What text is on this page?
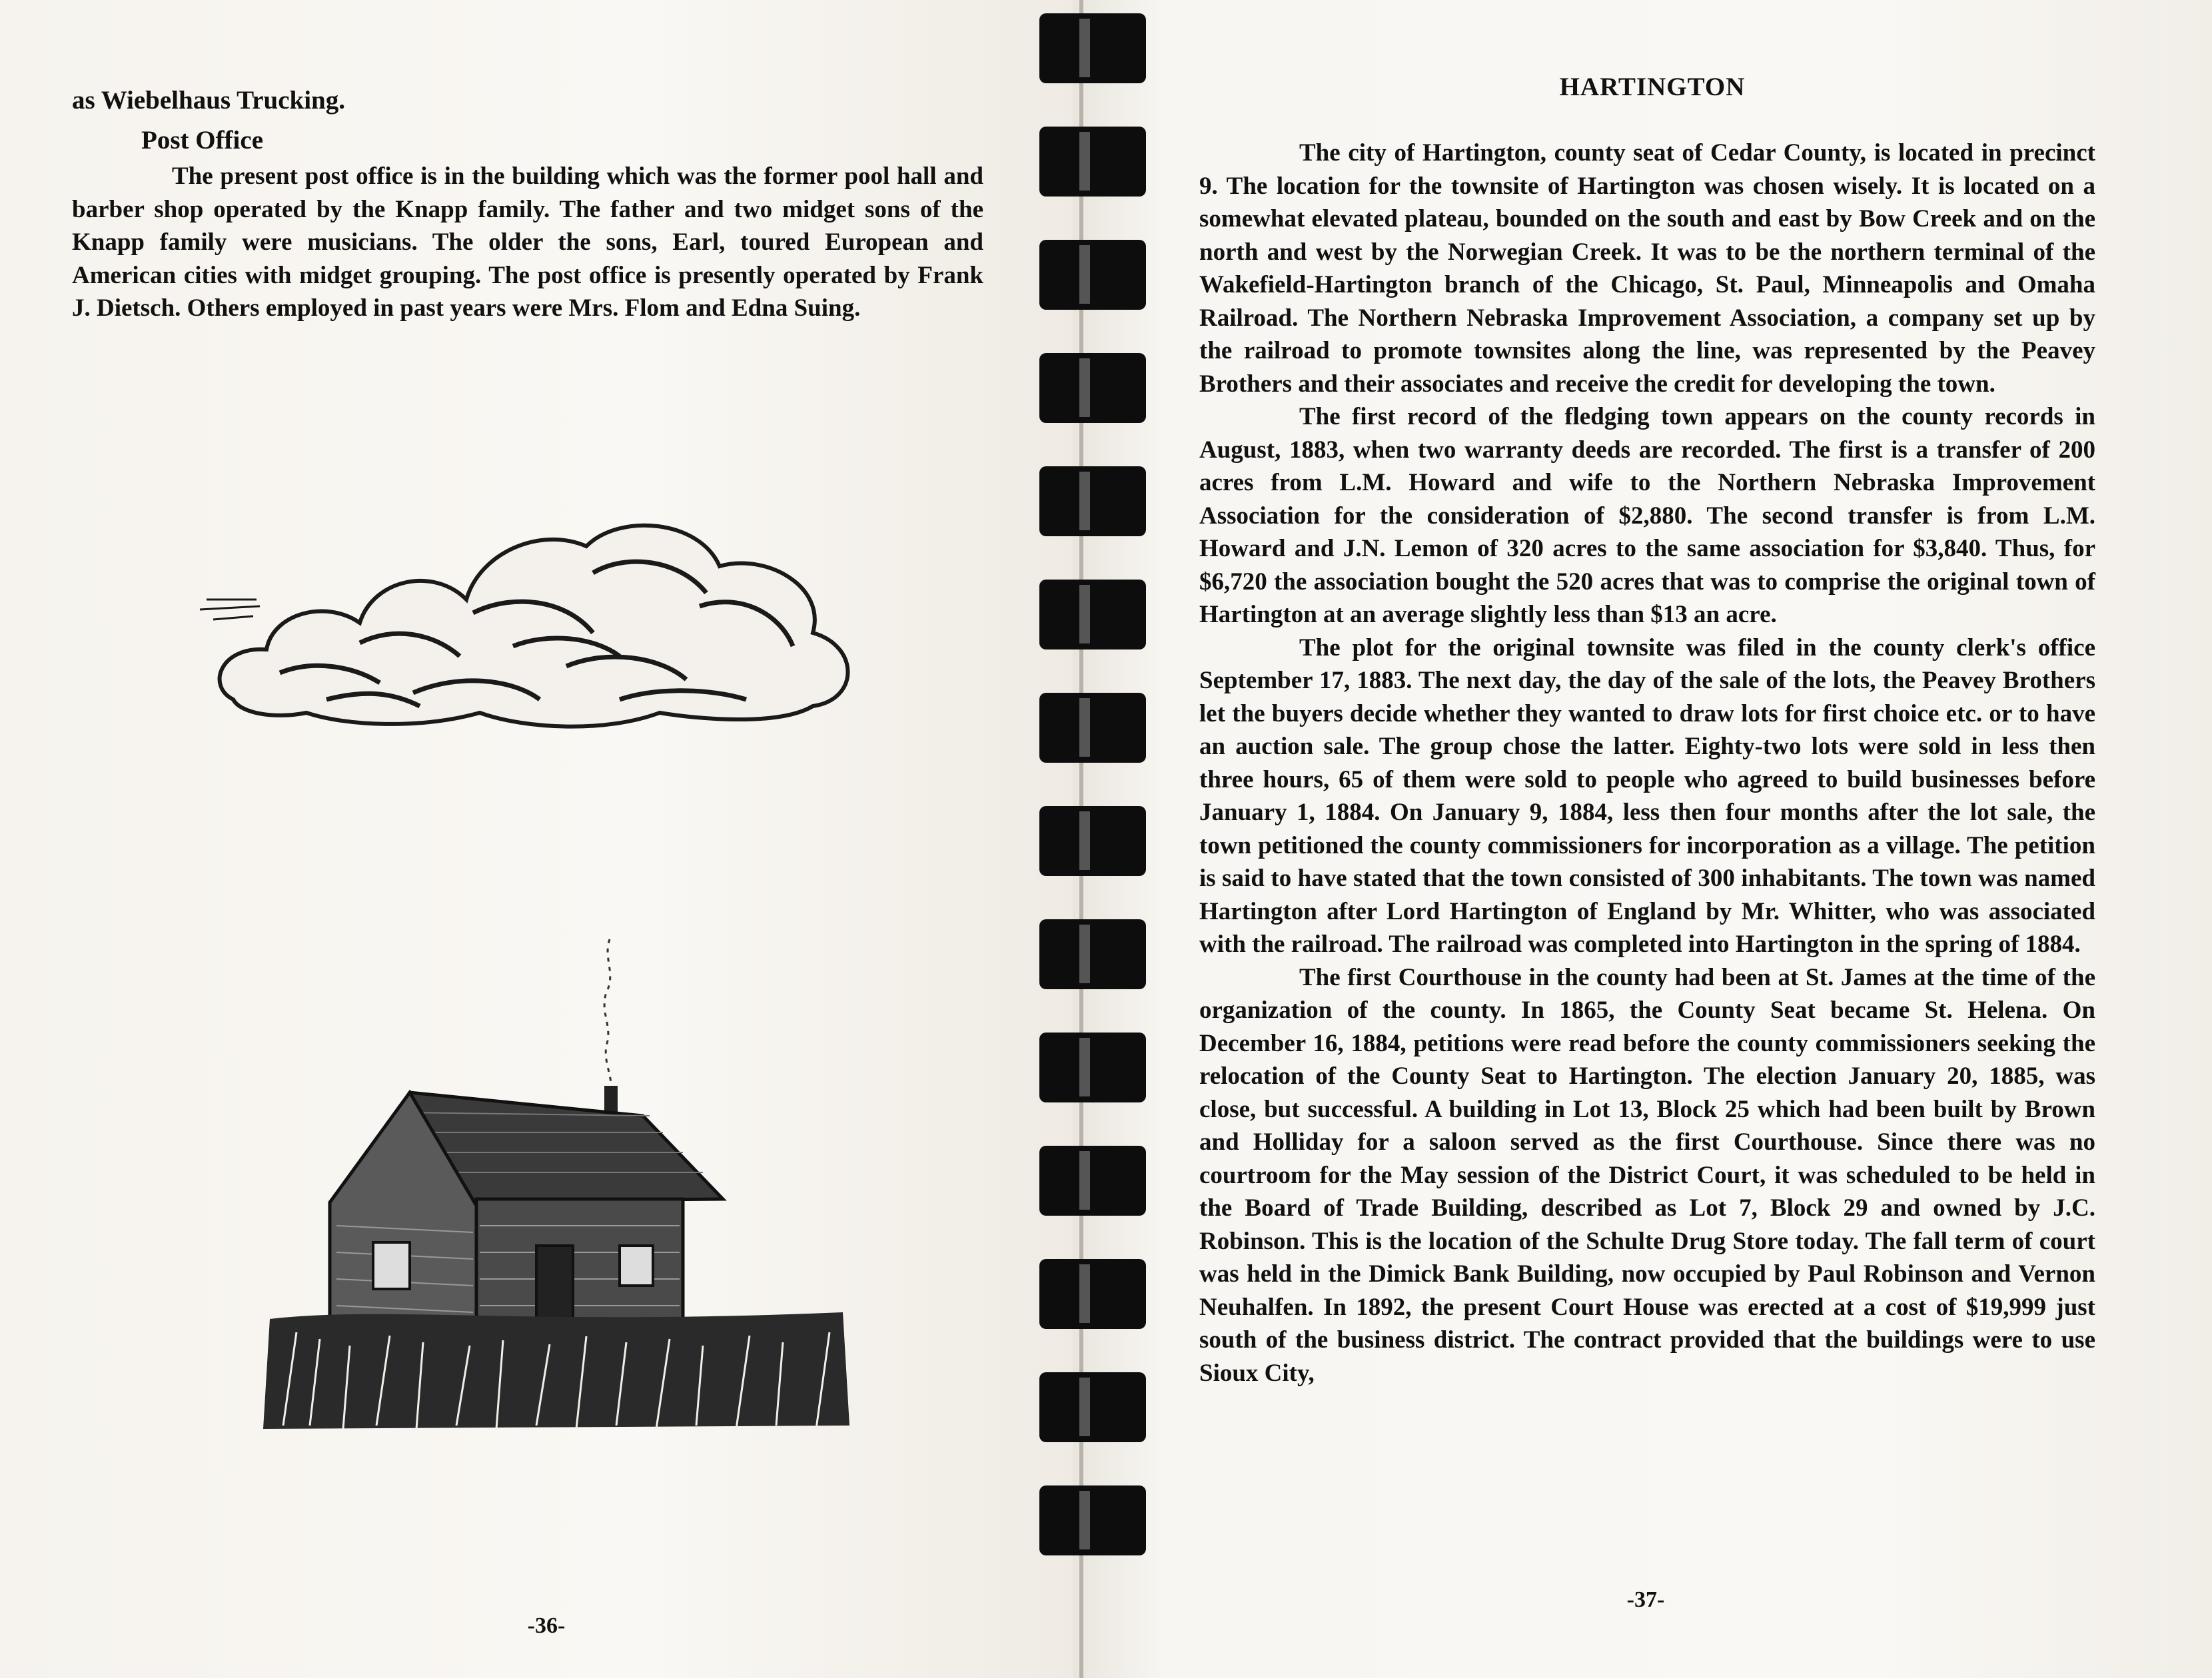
as Wiebelhaus Trucking.

Post Office

The present post office is in the building which was the former pool hall and barber shop operated by the Knapp family. The father and two midget sons of the Knapp family were musicians. The older the sons, Earl, toured European and American cities with midget grouping. The post office is presently operated by Frank J. Dietsch. Others employed in past years were Mrs. Flom and Edna Suing.

-36-
HARTINGTON

The city of Hartington, county seat of Cedar County, is located in precinct 9. The location for the townsite of Hartington was chosen wisely. It is located on a somewhat elevated plateau, bounded on the south and east by Bow Creek and on the north and west by the Norwegian Creek. It was to be the northern terminal of the Wakefield-Hartington branch of the Chicago, St. Paul, Minneapolis and Omaha Railroad. The Northern Nebraska Improvement Association, a company set up by the railroad to promote townsites along the line, was represented by the Peavey Brothers and their associates and receive the credit for developing the town.

The first record of the fledging town appears on the county records in August, 1883, when two warranty deeds are recorded. The first is a transfer of 200 acres from L.M. Howard and wife to the Northern Nebraska Improvement Association for the consideration of $2,880. The second transfer is from L.M. Howard and J.N. Lemon of 320 acres to the same association for $3,840. Thus, for $6,720 the association bought the 520 acres that was to comprise the original town of Hartington at an average slightly less than $13 an acre.

The plot for the original townsite was filed in the county clerk's office September 17, 1883. The next day, the day of the sale of the lots, the Peavey Brothers let the buyers decide whether they wanted to draw lots for first choice etc. or to have an auction sale. The group chose the latter. Eighty-two lots were sold in less then three hours, 65 of them were sold to people who agreed to build businesses before January 1, 1884. On January 9, 1884, less then four months after the lot sale, the town petitioned the county commissioners for incorporation as a village. The petition is said to have stated that the town consisted of 300 inhabitants. The town was named Hartington after Lord Hartington of England by Mr. Whitter, who was associated with the railroad. The railroad was completed into Hartington in the spring of 1884.

The first Courthouse in the county had been at St. James at the time of the organization of the county. In 1865, the County Seat became St. Helena. On December 16, 1884, petitions were read before the county commissioners seeking the relocation of the County Seat to Hartington. The election January 20, 1885, was close, but successful. A building in Lot 13, Block 25 which had been built by Brown and Holliday for a saloon served as the first Courthouse. Since there was no courtroom for the May session of the District Court, it was scheduled to be held in the Board of Trade Building, described as Lot 7, Block 29 and owned by J.C. Robinson. This is the location of the Schulte Drug Store today. The fall term of court was held in the Dimick Bank Building, now occupied by Paul Robinson and Vernon Neuhalfen. In 1892, the present Court House was erected at a cost of $19,999 just south of the business district. The contract provided that the buildings were to use Sioux City,

-37-
